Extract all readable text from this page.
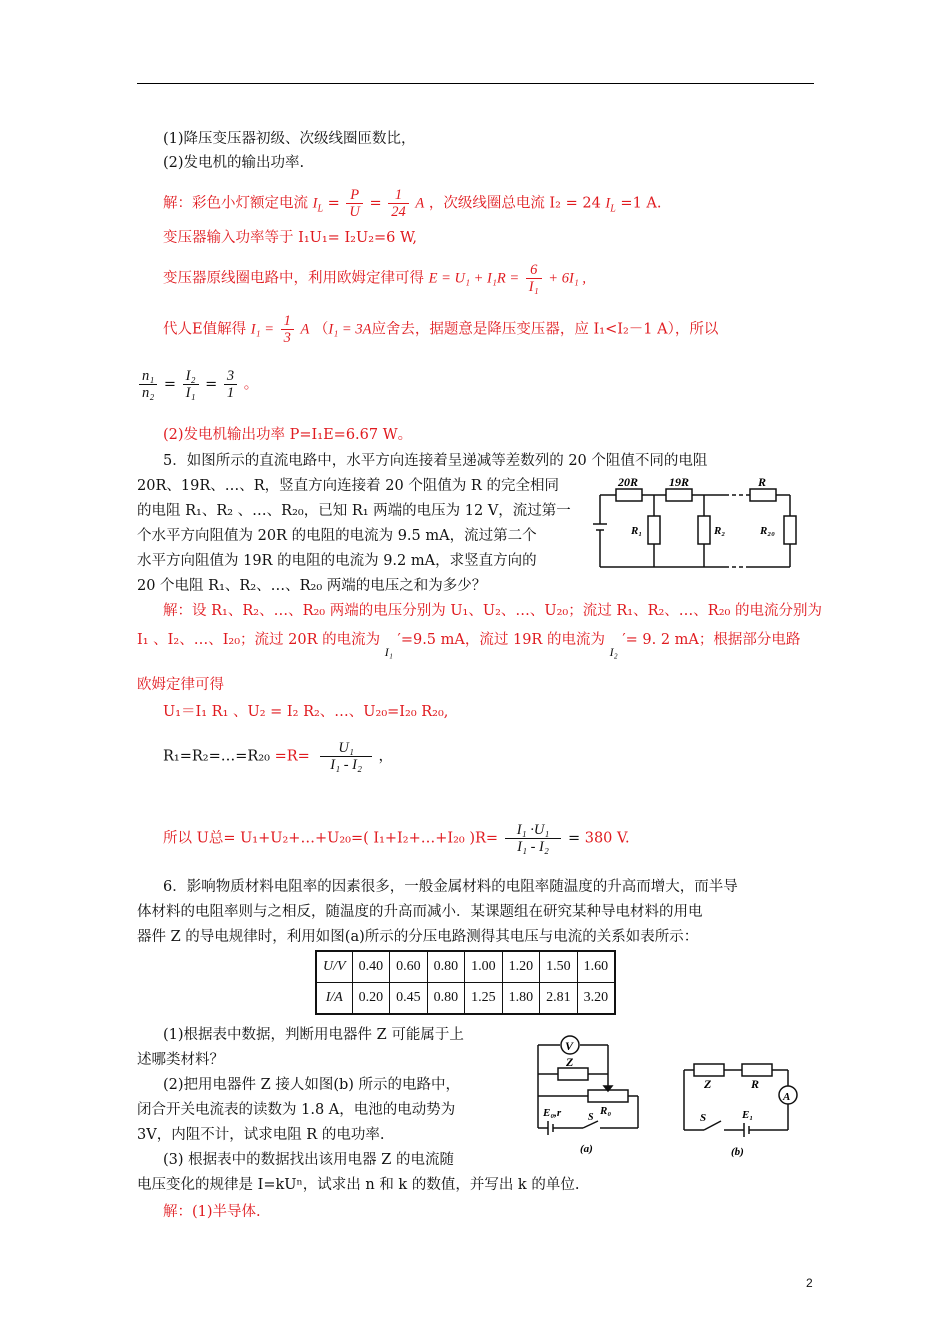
(1)降压变压器初级、次级线圈匝数比，
(2)发电机的输出功率.
解：彩色小灯额定电流 $I_L = \frac{P}{U} = \frac{1}{24}$ A ，次级线圈总电流 I₂ = 24 $I_L =1$ A.
变压器输入功率等于 I₁U₁= I₂U₂=6 W,
变压器原线圈电路中，利用欧姆定律可得 $E = U_1 + I_1R = \frac{6}{\text{I₁}} + 6I_1$ ,
代人E值解得 $I_1 = \frac{1}{3}$ A （I₁ = 3A应舍去，据题意是降压变压器，应 I₁<I₂－1 A），所以
$\frac{\text{n₁}}{\text{n₂}} = \frac{\text{I₂}}{\text{I₁}} = \frac{3}{1}$ 。
(2)发电机输出功率 P=I₁E=6.67 W。
5．如图所示的直流电路中，水平方向连接着呈递减等差数列的 20 个阻值不同的电阻
20R、19R、…、R，竖直方向连接着 20 个阻值为 R 的完全相同
的电阻 R₁、R₂ 、…、R₂₀，已知 R₁ 两端的电压为 12 V，流过第一
个水平方向阻值为 20R 的电阻的电流为 9.5 mA，流过第二个
水平方向阻值为 19R 的电阻的电流为 9.2 mA，求竖直方向的
20 个电阻 R₁、R₂、…、R₂₀ 两端的电压之和为多少？
20R	19R	R
R₁	R₂	R₂₀
解：设 R₁、R₂、…、R₂₀ 两端的电压分别为 U₁、U₂、…、U₂₀；流过 R₁、R₂、…、R₂₀ 的电流分别为
I₁ 、I₂、…、I₂₀；流过 20R 的电流为 $_{I_1}$ ′=9.5 mA，流过 19R 的电流为 $_{I_2}$ ′= 9. 2 mA；根据部分电路
欧姆定律可得
U₁＝I₁ R₁ 、U₂ = I₂ R₂、…、U₂₀=I₂₀ R₂₀,
R₁=R₂=…=R₂₀ $=R= \frac{\text{U₁}}{\text{I₁ - I₂}}$ ，
所以 U总= U₁+U₂+…+U₂₀=( I₁+I₂+…+I₂₀ )$R= \frac{\text{I₁ ·U₁}}{\text{I₁ - I₂}} = 380$ V.
6．影响物质材料电阻率的因素很多，一般金属材料的电阻率随温度的升高而增大，而半导
体材料的电阻率则与之相反，随温度的升高而减小．某课题组在研究某种导电材料的用电
器件 Z 的导电规律时，利用如图(a)所示的分压电路测得其电压与电流的关系如表所示：
U/V	0.40	0.60	0.80	1.00	1.20	1.50	1.60
I/A	0.20	0.45	0.80	1.25	1.80	2.81	3.20
(1)根据表中数据，判断用电器件 Z 可能属于上
述哪类材料？
(2)把用电器件 Z 接人如图(b) 所示的电路中，
闭合开关电流表的读数为 1.8 A，电池的电动势为
3V，内阻不计，试求电阻 R 的电功率.
(3) 根据表中的数据找出该用电器 Z 的电流随
电压变化的规律是 I=kUⁿ，试求出 n 和 k 的数值，并写出 k 的单位.
解：(1)半导体.
V
Z
E₀,r	R₀
S
(a)
Z	R
A
S	E₁
(b)
2
